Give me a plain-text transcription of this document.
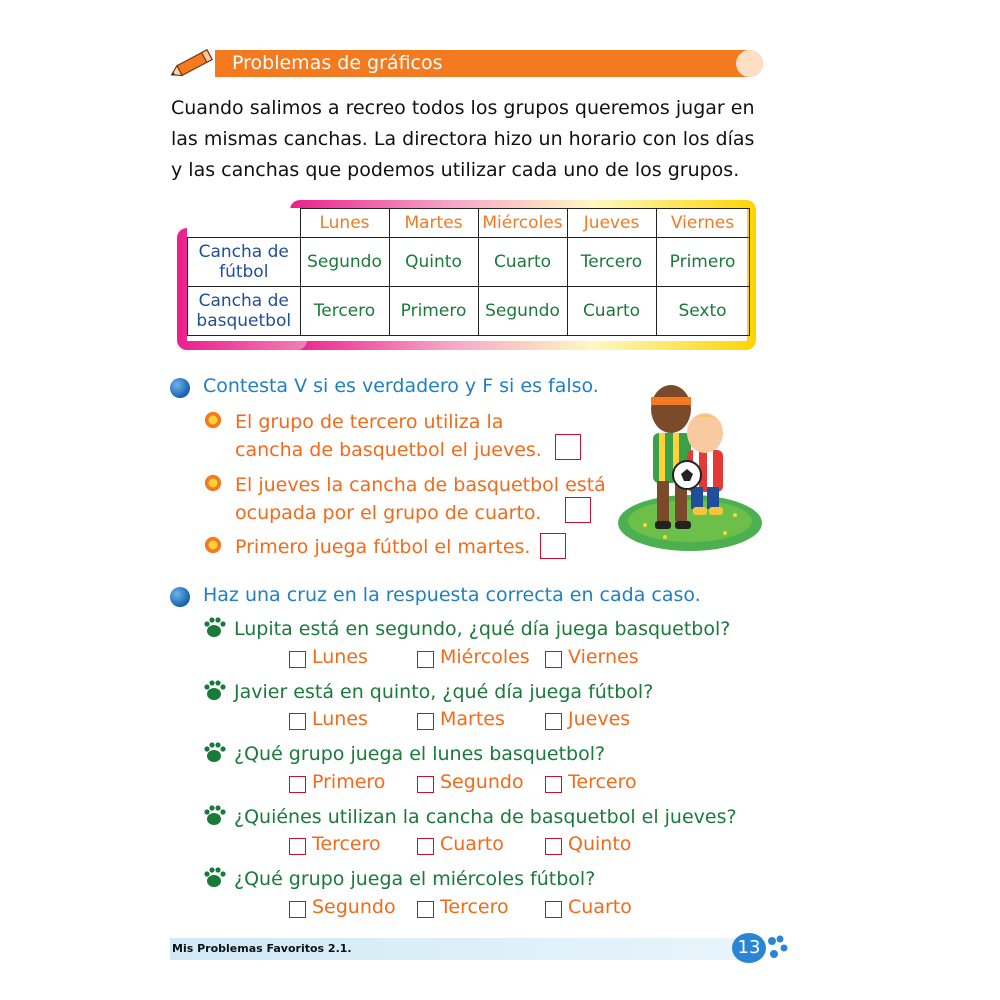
Problemas de gráficos
Cuando salimos a recreo todos los grupos queremos jugar en las mismas canchas. La directora hizo un horario con los días y las canchas que podemos utilizar cada uno de los grupos.
	Lunes	Martes	Miércoles	Jueves	Viernes
Cancha de fútbol	Segundo	Quinto	Cuarto	Tercero	Primero
Cancha de basquetbol	Tercero	Primero	Segundo	Cuarto	Sexto
Contesta V si es verdadero y F si es falso.
El grupo de tercero utiliza la
cancha de basquetbol el jueves.
El jueves la cancha de basquetbol está
ocupada por el grupo de cuarto.
Primero juega fútbol el martes.
Haz una cruz en la respuesta correcta en cada caso.
Lupita está en segundo, ¿qué día juega basquetbol?
Lunes	Miércoles Viernes
Javier está en quinto, ¿qué día juega fútbol?
Lunes	Martes	Jueves
¿Qué grupo juega el lunes basquetbol?
Primero	Segundo Tercero
¿Quiénes utilizan la cancha de basquetbol el jueves?
Tercero	Cuarto	Quinto
¿Qué grupo juega el miércoles fútbol?
Segundo Tercero	Cuarto
Mis Problemas Favoritos 2.1.	13
